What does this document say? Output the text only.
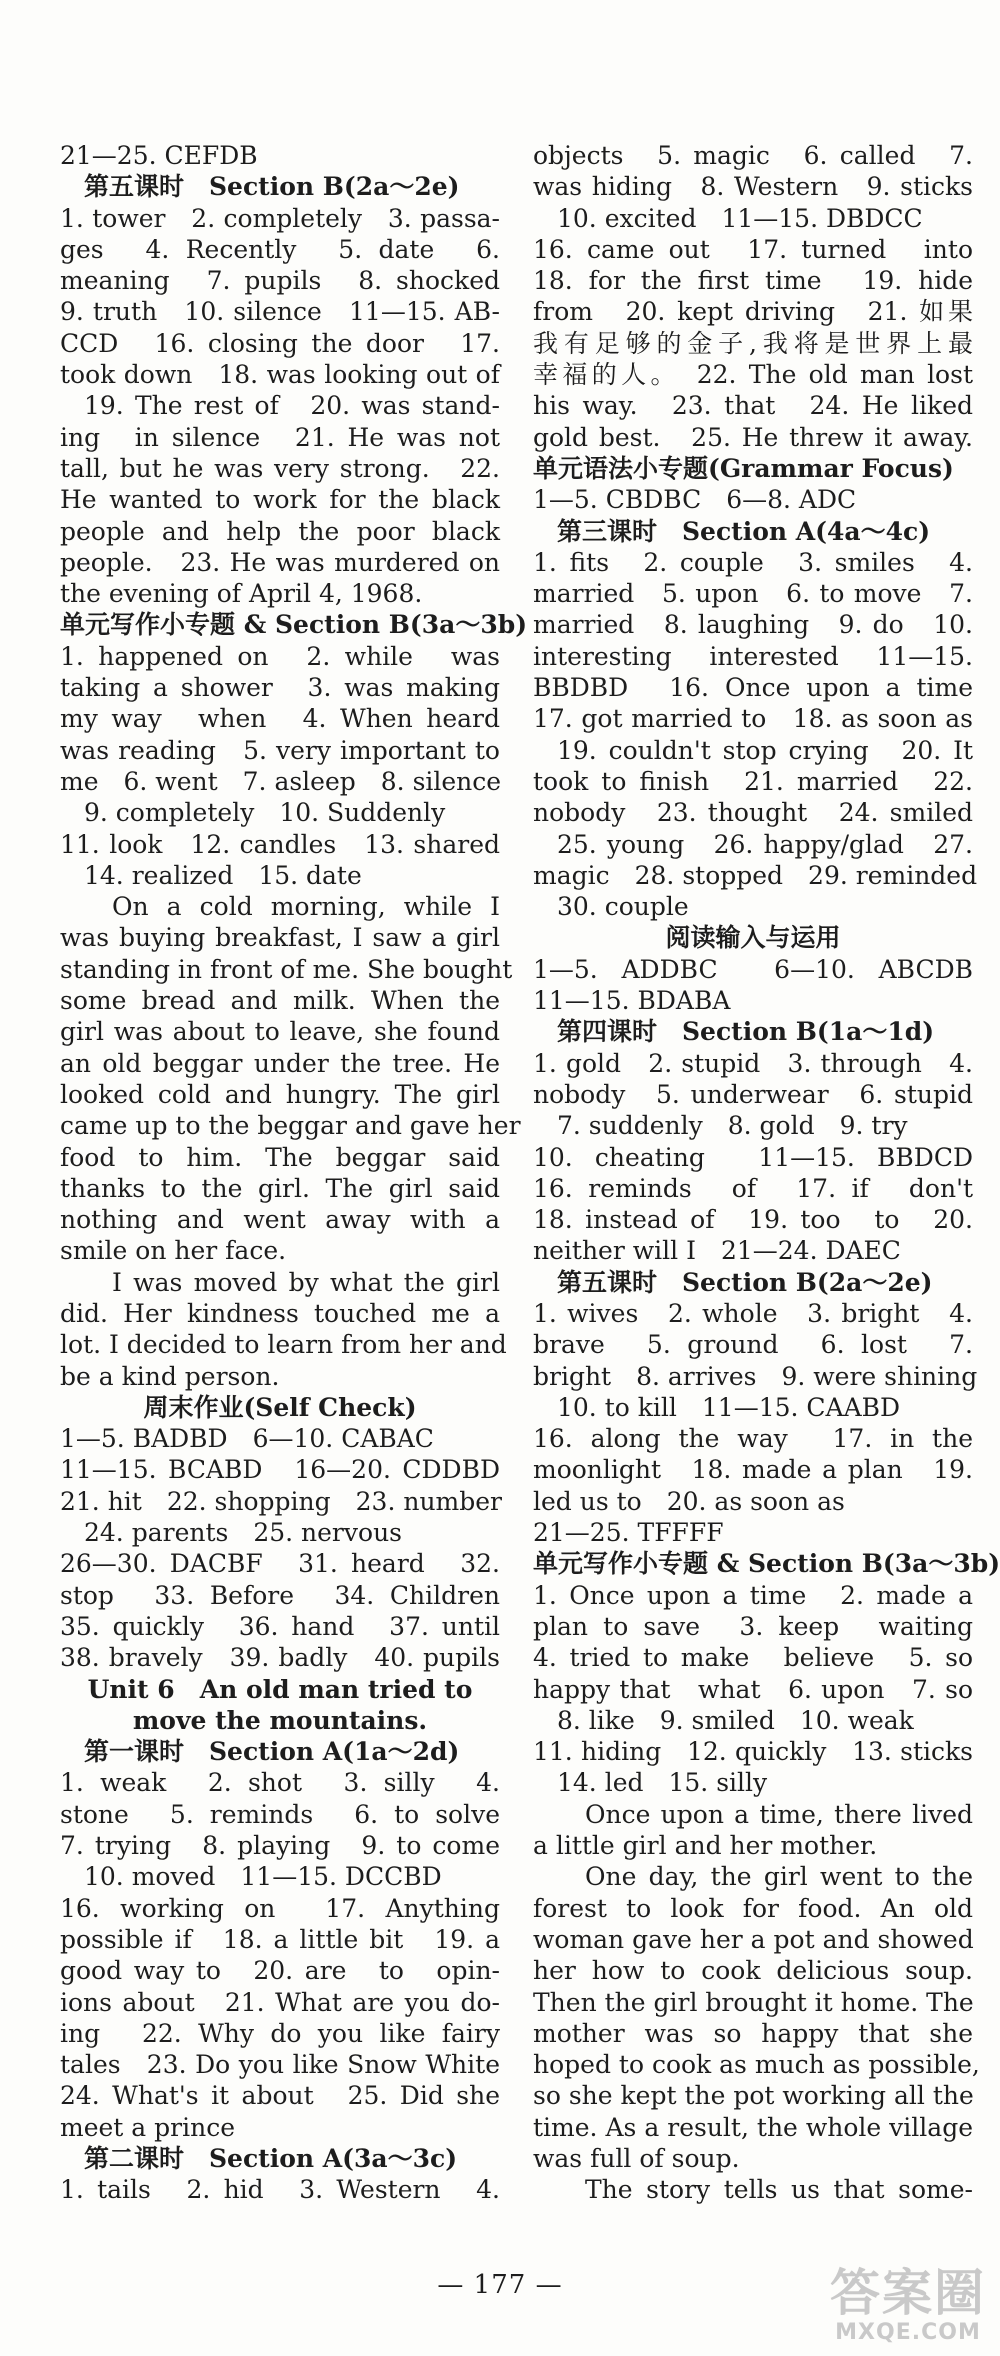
21—25. CEFDB
第五课时　Section B(2a～2e)
1. tower　2. completely　3. passa-
ges　4. Recently　5. date　6.
meaning　7. pupils　8. shocked
9. truth　10. silence　11—15. AB-
CCD　16. closing the door　17.
took down　18. was looking out of
19. The rest of　20. was stand-
ing　in silence　21. He was not
tall, but he was very strong.　22.
He wanted to work for the black
people and help the poor black
people.　23. He was murdered on
the evening of April 4, 1968.
单元写作小专题 & Section B(3a～3b)
1. happened on　2. while　was
taking a shower　3. was making
my way　when　4. When heard
was reading　5. very important to
me　6. went　7. asleep　8. silence
9. completely　10. Suddenly
11. look　12. candles　13. shared
14. realized　15. date
On a cold morning, while I
was buying breakfast, I saw a girl
standing in front of me. She bought
some bread and milk. When the
girl was about to leave, she found
an old beggar under the tree. He
looked cold and hungry. The girl
came up to the beggar and gave her
food to him. The beggar said
thanks to the girl. The girl said
nothing and went away with a
smile on her face.
I was moved by what the girl
did. Her kindness touched me a
lot. I decided to learn from her and
be a kind person.
周末作业(Self Check)
1—5. BADBD　6—10. CABAC
11—15. BCABD　16—20. CDDBD
21. hit　22. shopping　23. number
24. parents　25. nervous
26—30. DACBF　31. heard　32.
stop　33. Before　34. Children
35. quickly　36. hand　37. until
38. bravely　39. badly　40. pupils
Unit 6　An old man tried to
move the mountains.
第一课时　Section A(1a～2d)
1. weak　2. shot　3. silly　4.
stone　5. reminds　6. to solve
7. trying　8. playing　9. to come
10. moved　11—15. DCCBD
16. working on　17. Anything
possible if　18. a little bit　19. a
good way to　20. are　to　opin-
ions about　21. What are you do-
ing　22. Why do you like fairy
tales　23. Do you like Snow White
24. What's it about　25. Did she
meet a prince
第二课时　Section A(3a～3c)
1. tails　2. hid　3. Western　4.
objects　5. magic　6. called　7.
was hiding　8. Western　9. sticks
10. excited　11—15. DBDCC
16. came out　17. turned　into
18. for the first time　19. hide
from　20. kept driving　21. 如果
我有足够的金子,我将是世界上最
幸福的人。　22. The old man lost
his way.　23. that　24. He liked
gold best.　25. He threw it away.
单元语法小专题(Grammar Focus)
1—5. CBDBC　6—8. ADC
第三课时　Section A(4a～4c)
1. fits　2. couple　3. smiles　4.
married　5. upon　6. to move　7.
married　8. laughing　9. do　10.
interesting　interested　11—15.
BBDBD　16. Once upon a time
17. got married to　18. as soon as
19. couldn't stop crying　20. It
took to finish　21. married　22.
nobody　23. thought　24. smiled
25. young　26. happy/glad　27.
magic　28. stopped　29. reminded
30. couple
阅读输入与运用
1—5. ADDBC　6—10. ABCDB
11—15. BDABA
第四课时　Section B(1a～1d)
1. gold　2. stupid　3. through　4.
nobody　5. underwear　6. stupid
7. suddenly　8. gold　9. try
10. cheating　11—15. BBDCD
16. reminds　of　17. if　don't
18. instead of　19. too　to　20.
neither will I　21—24. DAEC
第五课时　Section B(2a～2e)
1. wives　2. whole　3. bright　4.
brave　5. ground　6. lost　7.
bright　8. arrives　9. were shining
10. to kill　11—15. CAABD
16. along the way　17. in the
moonlight　18. made a plan　19.
led us to　20. as soon as
21—25. TFFFF
单元写作小专题 & Section B(3a～3b)
1. Once upon a time　2. made a
plan to save　3. keep　waiting
4. tried to make　believe　5. so
happy that　what　6. upon　7. so
8. like　9. smiled　10. weak
11. hiding　12. quickly　13. sticks
14. led　15. silly
Once upon a time, there lived
a little girl and her mother.
One day, the girl went to the
forest to look for food. An old
woman gave her a pot and showed
her how to cook delicious soup.
Then the girl brought it home. The
mother was so happy that she
hoped to cook as much as possible,
so she kept the pot working all the
time. As a result, the whole village
was full of soup.
The story tells us that some-
— 177 —	答案圈
MXQE.COM
